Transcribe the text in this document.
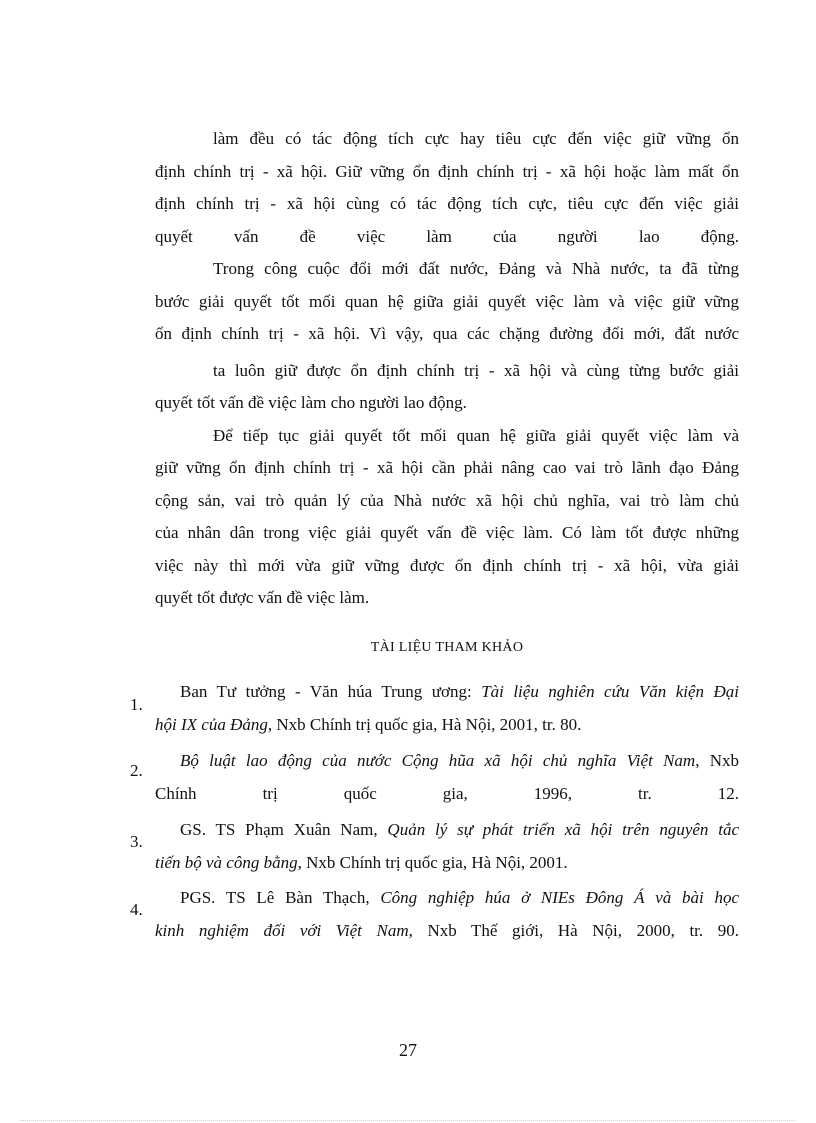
làm đều có tác động tích cực hay tiêu cực đến việc giữ vững ổn
định chính trị - xã hội. Giữ vững ổn định chính trị - xã hội hoặc làm mất ổn
định chính trị - xã hội cùng có tác động tích cực, tiêu cực đến việc giải
quyết vấn đề việc làm của người lao động.
Trong công cuộc đổi mới đất nước, Đảng và Nhà nước, ta đã từng
bước giải quyết tốt mối quan hệ giữa giải quyết việc làm và việc giữ vững
ổn định chính trị - xã hội. Vì vậy, qua các chặng đường đổi mới, đất nước
ta luôn giữ được ổn định chính trị - xã hội và cùng từng bước giải
quyết tốt vấn đề việc làm cho người lao động.
Để tiếp tục giải quyết tốt mối quan hệ giữa giải quyết việc làm và
giữ vững ổn định chính trị - xã hội cần phải nâng cao vai trò lãnh đạo Đảng
cộng sản, vai trò quản lý của Nhà nước xã hội chủ nghĩa, vai trò làm chủ
của nhân dân trong việc giải quyết vấn đề việc làm. Có làm tốt được những
việc này thì mới vừa giữ vững được ổn định chính trị - xã hội, vừa giải
quyết tốt được vấn đề việc làm.
TÀI LIỆU THAM KHẢO
1.
Ban Tư tưởng - Văn húa Trung ương: Tài liệu nghiên cứu Văn kiện Đại
hội IX của Đảng, Nxb Chính trị quốc gia, Hà Nội, 2001, tr. 80.
2.
Bộ luật lao động của nước Cộng hũa xã hội chủ nghĩa Việt Nam, Nxb
Chính trị quốc gia, 1996, tr. 12.
3.
GS. TS Phạm Xuân Nam, Quản lý sự phát triển xã hội trên nguyên tắc
tiến bộ và công bằng, Nxb Chính trị quốc gia, Hà Nội, 2001.
4.
PGS. TS Lê Bàn Thạch, Công nghiệp húa ở NIEs Đông Á và bài học
kinh nghiệm đối với Việt Nam, Nxb Thế giới, Hà Nội, 2000, tr. 90.
27
